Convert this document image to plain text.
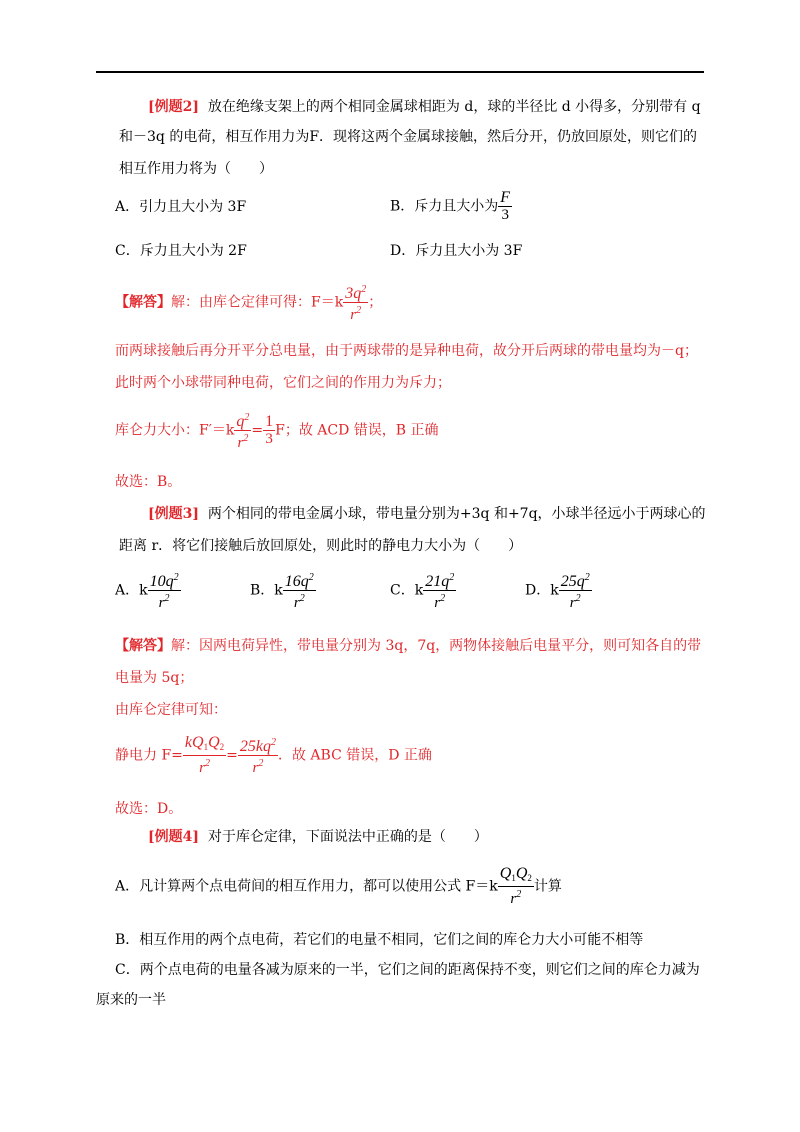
[例题2] 放在绝缘支架上的两个相同金属球相距为 d，球的半径比 d 小得多，分别带有 q
和－3q 的电荷，相互作用力为F．现将这两个金属球接触，然后分开，仍放回原处，则它们的
相互作用力将为（　　）
A．引力且大小为 3F	B．斥力且大小为 $\frac{F}{3}$
C．斥力且大小为 2F	D．斥力且大小为 3F
【解答】解：由库仑定律可得：$F=k \frac{3q^2}{r^2}$ ；
而两球接触后再分开平分总电量，由于两球带的是异种电荷，故分开后两球的带电量均为－q；
此时两个小球带同种电荷，它们之间的作用力为斥力；
库仑力大小：$F'=k \frac{q^2}{r^2} = \frac{1}{3}$ F；故 ACD 错误，B 正确
故选：B。
[例题3] 两个相同的带电金属小球，带电量分别为+3q 和+7q，小球半径远小于两球心的
距离 r．将它们接触后放回原处，则此时的静电力大小为（　　）
A．k $\frac{10q^2}{r^2}$	B．k $\frac{16q^2}{r^2}$	C．k $\frac{21q^2}{r^2}$	D．k $\frac{25q^2}{r^2}$
【解答】解：因两电荷异性，带电量分别为 3q，7q，两物体接触后电量平分，则可知各自的带
电量为 5q；
由库仑定律可知：
静电力 $F= \frac{kQ_1Q_2}{r^2} = \frac{25kq^2}{r^2}$ ．故 ABC 错误，D 正确
故选：D。
[例题4] 对于库仑定律，下面说法中正确的是（　　）
A．凡计算两个点电荷间的相互作用力，都可以使用公式 $F=k \frac{Q_1Q_2}{r^2}$ 计算
B．相互作用的两个点电荷，若它们的电量不相同，它们之间的库仑力大小可能不相等
C．两个点电荷的电量各减为原来的一半，它们之间的距离保持不变，则它们之间的库仑力减为
原来的一半
